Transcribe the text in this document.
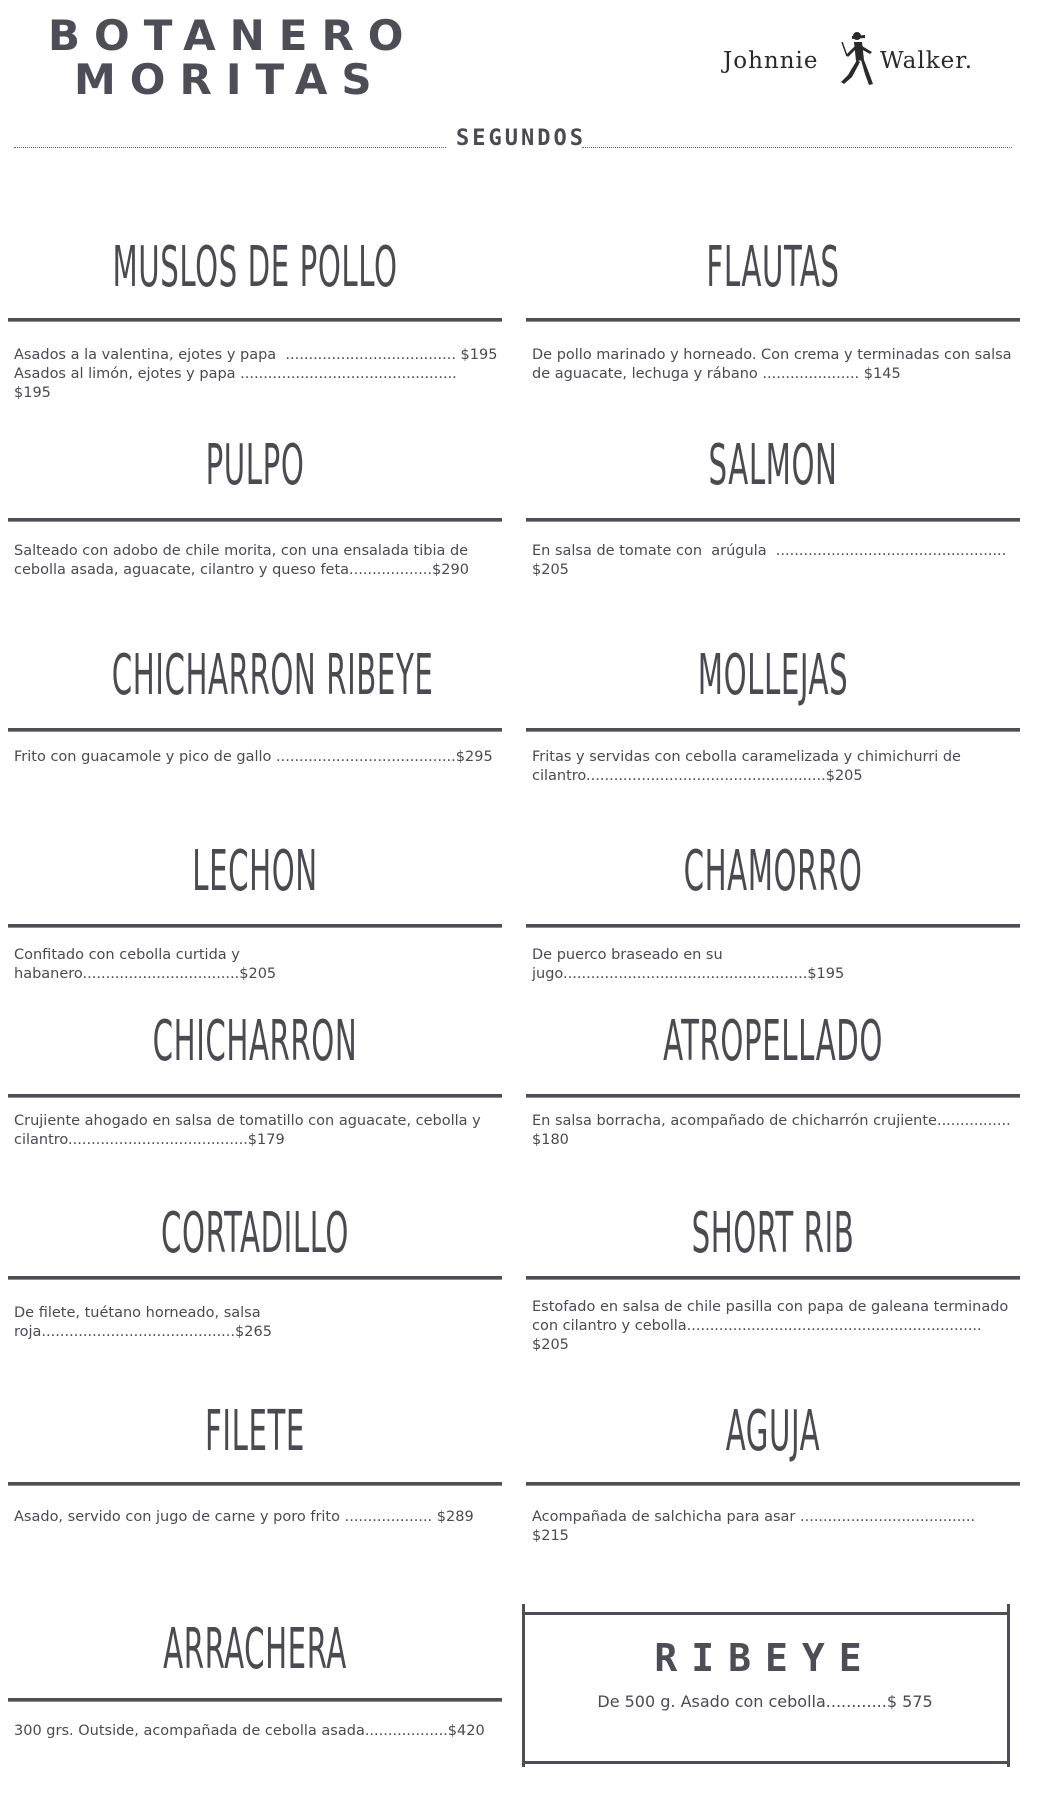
BOTANERO
MORITAS	Johnnie	Walker.
SEGUNDOS
MUSLOS DE POLLO
Asados a la valentina, ejotes y papa  ..................................... $195
Asados al limón, ejotes y papa ............................................... $195
PULPO
Salteado con adobo de chile morita, con una ensalada tibia de cebolla asada, aguacate, cilantro y queso feta..................$290
CHICHARRON RIBEYE
Frito con guacamole y pico de gallo .......................................$295
LECHON
Confitado con cebolla curtida y habanero..................................$205
CHICHARRON
Crujiente ahogado en salsa de tomatillo con aguacate, cebolla y cilantro.......................................$179
CORTADILLO
De filete, tuétano horneado, salsa roja..........................................$265
FILETE
Asado, servido con jugo de carne y poro frito ................... $289
ARRACHERA
300 grs. Outside, acompañada de cebolla asada..................$420
FLAUTAS
De pollo marinado y horneado. Con crema y terminadas con salsa de aguacate, lechuga y rábano ..................... $145
SALMON
En salsa de tomate con  arúgula  .................................................. $205
MOLLEJAS
Fritas y servidas con cebolla caramelizada y chimichurri de cilantro....................................................$205
CHAMORRO
De puerco braseado en su jugo.....................................................$195
ATROPELLADO
En salsa borracha, acompañado de chicharrón crujiente................ $180
SHORT RIB
Estofado en salsa de chile pasilla con papa de galeana terminado con cilantro y cebolla................................................................ $205
AGUJA
Acompañada de salchicha para asar ...................................... $215
RIBEYE
De 500 g. Asado con cebolla............$ 575
